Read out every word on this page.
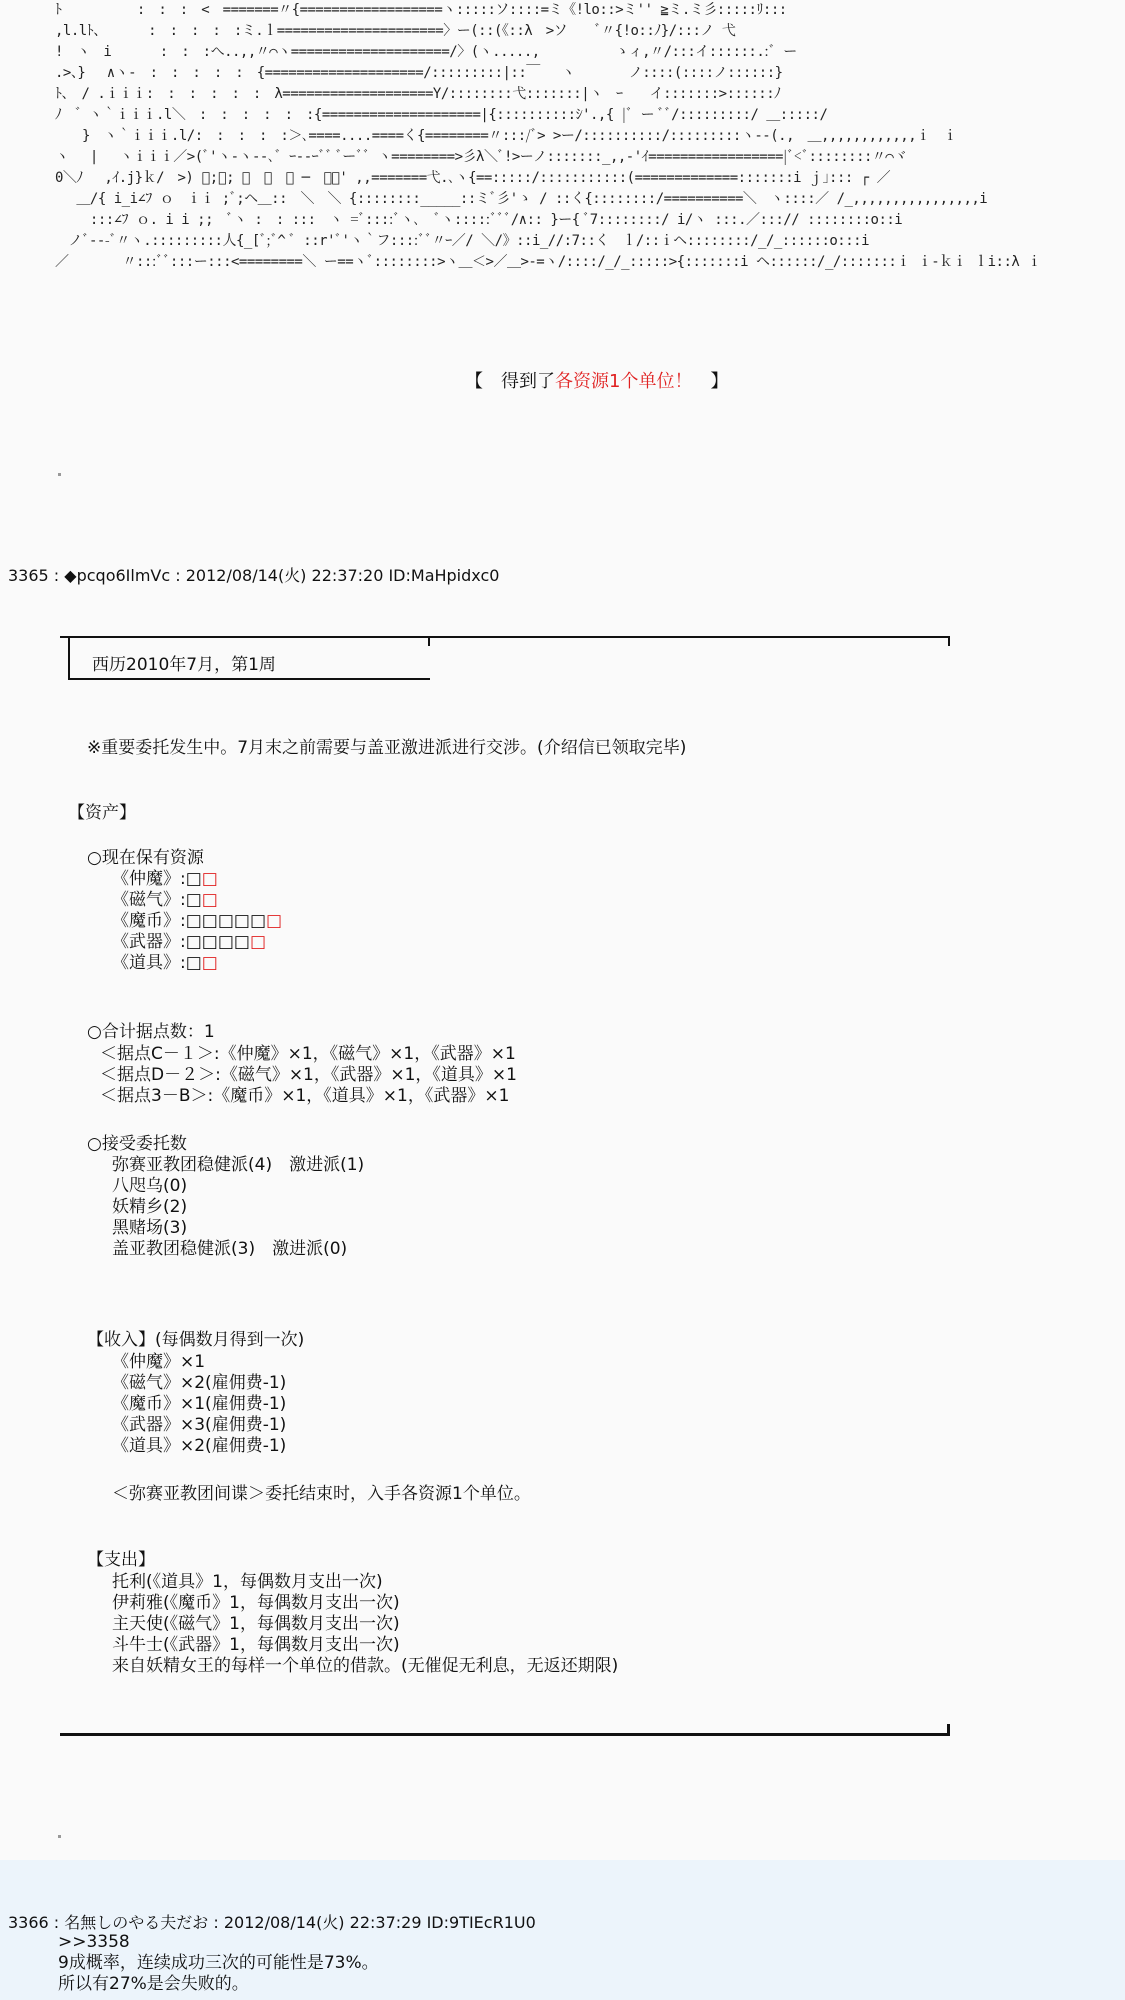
ﾄ　　　　　 :　:　:　<　=======〃{==================ヽ:::::ソ::::=ミ《!lo::>ミ'' ≧ミ.ミ彡:::::ﾘ:::
,l.lﾄ、　　　 :　:　:　:　:ミ.ｌ=====================〉ー(::(《::λ　>ソ　　ﾞ〃{!o::ﾉ}/:::ノ 弋
!　ヽ　i　　　 :　:　:へ..,,〃⌒ヽ====================/〉(ヽ.....,　　　　　 ゝィ,〃/:::イ::::::.:ﾞ ー
.>、}　 ∧ヽ-　:　:　:　:　:　{====================/:::::::::|::￣　 ヽ　　　　ノ::::(::::ノ::::::}
ﾄ、　/ .ｉｉｉ:　:　:　:　:　:　λ===================Y/::::::::弋:::::::|ヽ　ｰ　　イ:::::::>::::::ﾉ
ﾉ　゛ヽ｀ｉｉｉ.l＼　:　:　:　:　:　:{====================|{::::::::::ｼ'.,{ |ﾞ ー ﾞﾞ/:::::::::/ ＿:::::/
　　}　ヽ｀ｉｉｉ.l/:　:　:　:　:＞､====....====く{========〃:::/ﾞ> >ー/::::::::::/:::::::::ヽ--(.,　＿,,,,,,,,,,,,ｉ　ｉ
ヽ　 |　 ヽｉｉｉ／>(ﾞ'ヽ-ヽ--､ﾞ ｰ--ｰﾞﾞ ﾞーﾞﾞ ヽ========>彡λ＼ﾞ!>ーノ:::::::_,,-'ｲ=================|ﾞ<ﾞ::::::::〃⌒ヾ
0＼ﾉ　 ,ｲ.j}ｋ/　>) ﾞ;ﾞ; ＿　ﾞ　ﾞ ─　ﾞー' ,,=======弋.､ヽ{==:::::/:::::::::::(=============:::::::i ｊ｣::: ┌ ／
　 ＿/{ i_i∠ﾌ ｏ　ｉｉ ;ﾞ;ヘ＿::　＼　＼ {::::::::_____::ミﾞ彡'ゝ / ::く{::::::::/==========＼　ヽ::::／ /_,,,,,,,,,,,,,,,,i
　 　:::∠ﾌ ｏ. i i ;;　ﾞヽ :　: :::　ヽ =ﾞ::::ﾞヽ､　ﾞヽ:::::ﾞﾞﾞ/∧:: }ー{ ﾞ7::::::::/ i/ヽ :::.／:::// ::::::::o::i
　ノﾞ---ﾞ〃ヽ.:::::::::人{_[ﾞ;ﾞ^ ﾞ ::r'ﾞ'ヽ｀フ::::ﾞﾞ〃ｰ／/ ＼/》::i_//:7::く　ｌ/::ｉヘ::::::::/_/_::::::o:::i
／　　　　〃:::ﾞﾞ:::ー:::<========＼ ー==ヽﾞ::::::::>ヽ＿＜>／＿>-=ヽ/::::/_/_:::::>{:::::::i ヘ::::::/_/:::::::ｉ ｉ-ｋｉ ｌi::λ ｉ
【　得到了各资源1个单位！　】
3365 : ◆pcqo6IlmVc : 2012/08/14(火) 22:37:20 ID:MaHpidxc0
西历2010年7月，第1周
※重要委托发生中。7月末之前需要与盖亚激进派进行交涉。(介绍信已领取完毕)
【资产】
○现在保有资源
《仲魔》:□□
《磁气》:□□
《魔币》:□□□□□□
《武器》:□□□□□
《道具》:□□
○合计据点数：1
＜据点C－１＞:《仲魔》×1，《磁气》×1，《武器》×1
＜据点D－２＞:《磁气》×1，《武器》×1，《道具》×1
＜据点3－B＞:《魔币》×1，《道具》×1，《武器》×1
○接受委托数
弥赛亚教团稳健派(4)　激进派(1)
八咫乌(0)
妖精乡(2)
黑赌场(3)
盖亚教团稳健派(3)　激进派(0)
【收入】(每偶数月得到一次)
《仲魔》×1
《磁气》×2(雇佣费-1)
《魔币》×1(雇佣费-1)
《武器》×3(雇佣费-1)
《道具》×2(雇佣费-1)
＜弥赛亚教团间谍＞委托结束时，入手各资源1个单位。
【支出】
托利(《道具》1，每偶数月支出一次)
伊莉雅(《魔币》1，每偶数月支出一次)
主天使(《磁气》1，每偶数月支出一次)
斗牛士(《武器》1，每偶数月支出一次)
来自妖精女王的每样一个单位的借款。(无催促无利息，无返还期限)
3366 : 名無しのやる夫だお : 2012/08/14(火) 22:37:29 ID:9TIEcR1U0
>>3358
9成概率，连续成功三次的可能性是73%。
所以有27%是会失败的。
